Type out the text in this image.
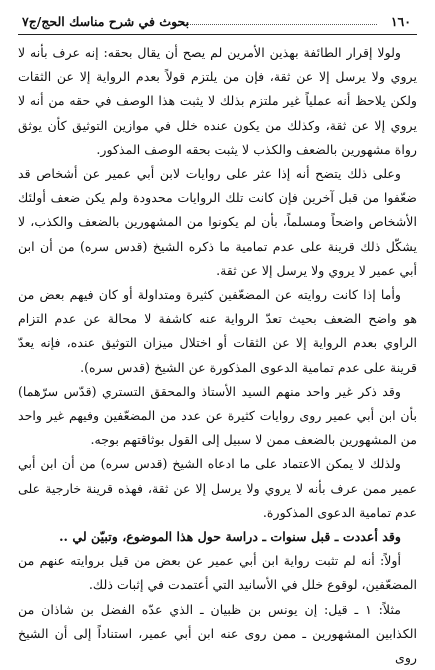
١٦٠
بحوث في شرح مناسك الحج/ج٧

ولولا إقرار الطائفة بهذين الأمرين لم يصح أن يقال بحقه: إنه عرف بأنه لا يروي ولا يرسل إلا عن ثقة، فإن من يلتزم قولاً بعدم الرواية إلا عن الثقات ولكن يلاحظ أنه عملياً غير ملتزم بذلك لا يثبت هذا الوصف في حقه من أنه لا يروي إلا عن ثقة، وكذلك من يكون عنده خلل في موازين التوثيق كأن يوثق رواة مشهورين بالضعف والكذب لا يثبت بحقه الوصف المذكور.

وعلى ذلك يتضح أنه إذا عثر على روايات لابن أبي عمير عن أشخاص قد ضعّفوا من قبل آخرين فإن كانت تلك الروايات محدودة ولم يكن ضعف أولئك الأشخاص واضحاً ومسلماً، بأن لم يكونوا من المشهورين بالضعف والكذب، لا يشكّل ذلك قرينة على عدم تمامية ما ذكره الشيخ (قدس سره) من أن ابن أبي عمير لا يروي ولا يرسل إلا عن ثقة.

وأما إذا كانت روايته عن المضعّفين كثيرة ومتداولة أو كان فيهم بعض من هو واضح الضعف بحيث تعدّ الرواية عنه كاشفة لا محالة عن عدم التزام الراوي بعدم الرواية إلا عن الثقات أو اختلال ميزان التوثيق عنده، فإنه يعدّ قرينة على عدم تمامية الدعوى المذكورة عن الشيخ (قدس سره).

وقد ذكر غير واحد منهم السيد الأستاذ والمحقق التستري (قدّس سرّهما) بأن ابن أبي عمير روى روايات كثيرة عن عدد من المضعّفين وفيهم غير واحد من المشهورين بالضعف ممن لا سبيل إلى القول بوثاقتهم بوجه.

ولذلك لا يمكن الاعتماد على ما ادعاه الشيخ (قدس سره) من أن ابن أبي عمير ممن عرف بأنه لا يروي ولا يرسل إلا عن ثقة، فهذه قرينة خارجية على عدم تمامية الدعوى المذكورة.

وقد أعددت ـ قبل سنوات ـ دراسة حول هذا الموضوع، وتبيّن لي ..

أولاً: أنه لم تثبت رواية ابن أبي عمير عن بعض من قيل بروايته عنهم من المضعّفين، لوقوع خلل في الأسانيد التي أعتمدت في إثبات ذلك.

مثلاً: ١ ـ قيل: إن يونس بن ظبيان ـ الذي عدّه الفضل بن شاذان من الكذابين المشهورين ـ ممن روى عنه ابن أبي عمير، استناداً إلى أن الشيخ روى
